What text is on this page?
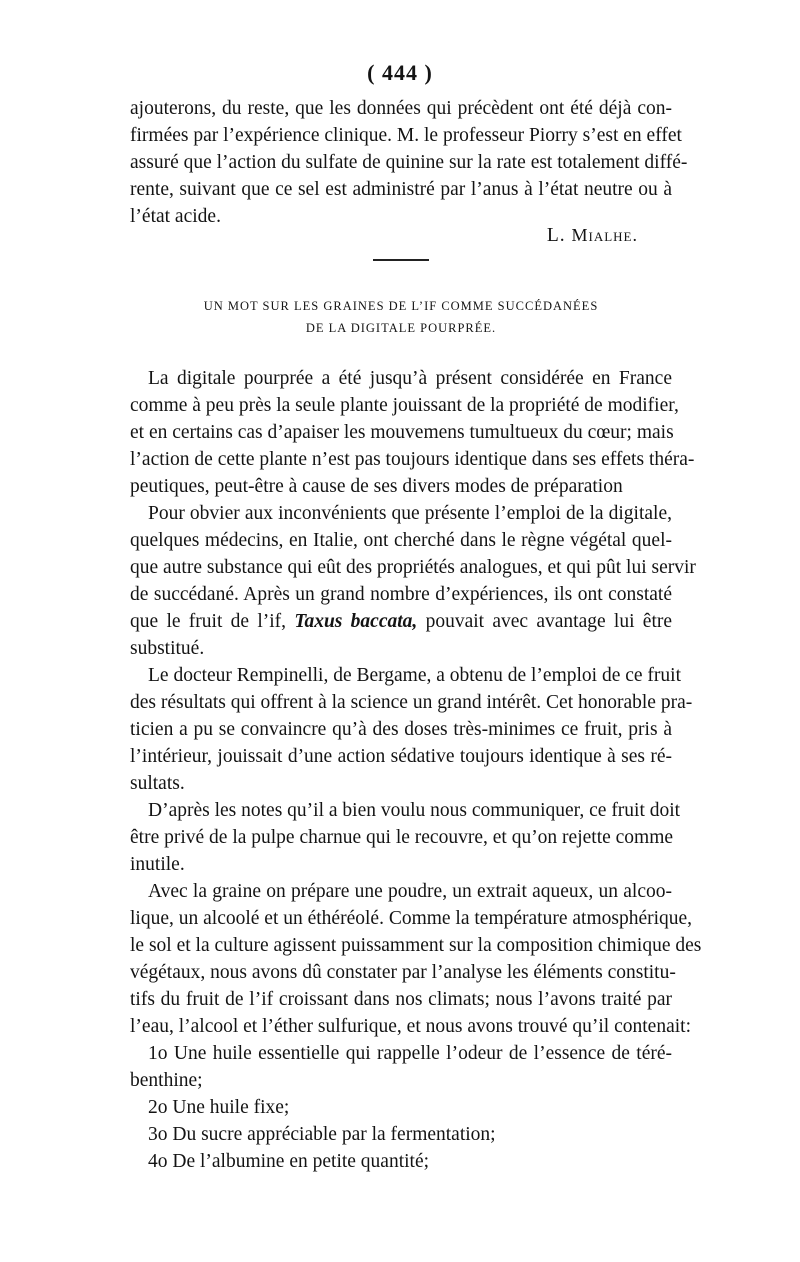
( 444 )
ajouterons, du reste, que les données qui précèdent ont été déjà con-
firmées par l’expérience clinique. M. le professeur Piorry s’est en effet
assuré que l’action du sulfate de quinine sur la rate est totalement diffé-
rente, suivant que ce sel est administré par l’anus à l’état neutre ou à
l’état acide.
L. Mialhe.
UN MOT SUR LES GRAINES DE L’IF COMME SUCCÉDANÉES
DE LA DIGITALE POURPRÉE.
La digitale pourprée a été jusqu’à présent considérée en France
comme à peu près la seule plante jouissant de la propriété de modifier,
et en certains cas d’apaiser les mouvemens tumultueux du cœur; mais
l’action de cette plante n’est pas toujours identique dans ses effets théra-
peutiques, peut-être à cause de ses divers modes de préparation
Pour obvier aux inconvénients que présente l’emploi de la digitale,
quelques médecins, en Italie, ont cherché dans le règne végétal quel-
que autre substance qui eût des propriétés analogues, et qui pût lui servir
de succédané. Après un grand nombre d’expériences, ils ont constaté
que le fruit de l’if, Taxus baccata, pouvait avec avantage lui être
substitué.
Le docteur Rempinelli, de Bergame, a obtenu de l’emploi de ce fruit
des résultats qui offrent à la science un grand intérêt. Cet honorable pra-
ticien a pu se convaincre qu’à des doses très-minimes ce fruit, pris à
l’intérieur, jouissait d’une action sédative toujours identique à ses ré-
sultats.
D’après les notes qu’il a bien voulu nous communiquer, ce fruit doit
être privé de la pulpe charnue qui le recouvre, et qu’on rejette comme
inutile.
Avec la graine on prépare une poudre, un extrait aqueux, un alcoo-
lique, un alcoolé et un éthéréolé. Comme la température atmosphérique,
le sol et la culture agissent puissamment sur la composition chimique des
végétaux, nous avons dû constater par l’analyse les éléments constitu-
tifs du fruit de l’if croissant dans nos climats; nous l’avons traité par
l’eau, l’alcool et l’éther sulfurique, et nous avons trouvé qu’il contenait:
1o Une huile essentielle qui rappelle l’odeur de l’essence de téré-
benthine;
2o Une huile fixe;
3o Du sucre appréciable par la fermentation;
4o De l’albumine en petite quantité;
